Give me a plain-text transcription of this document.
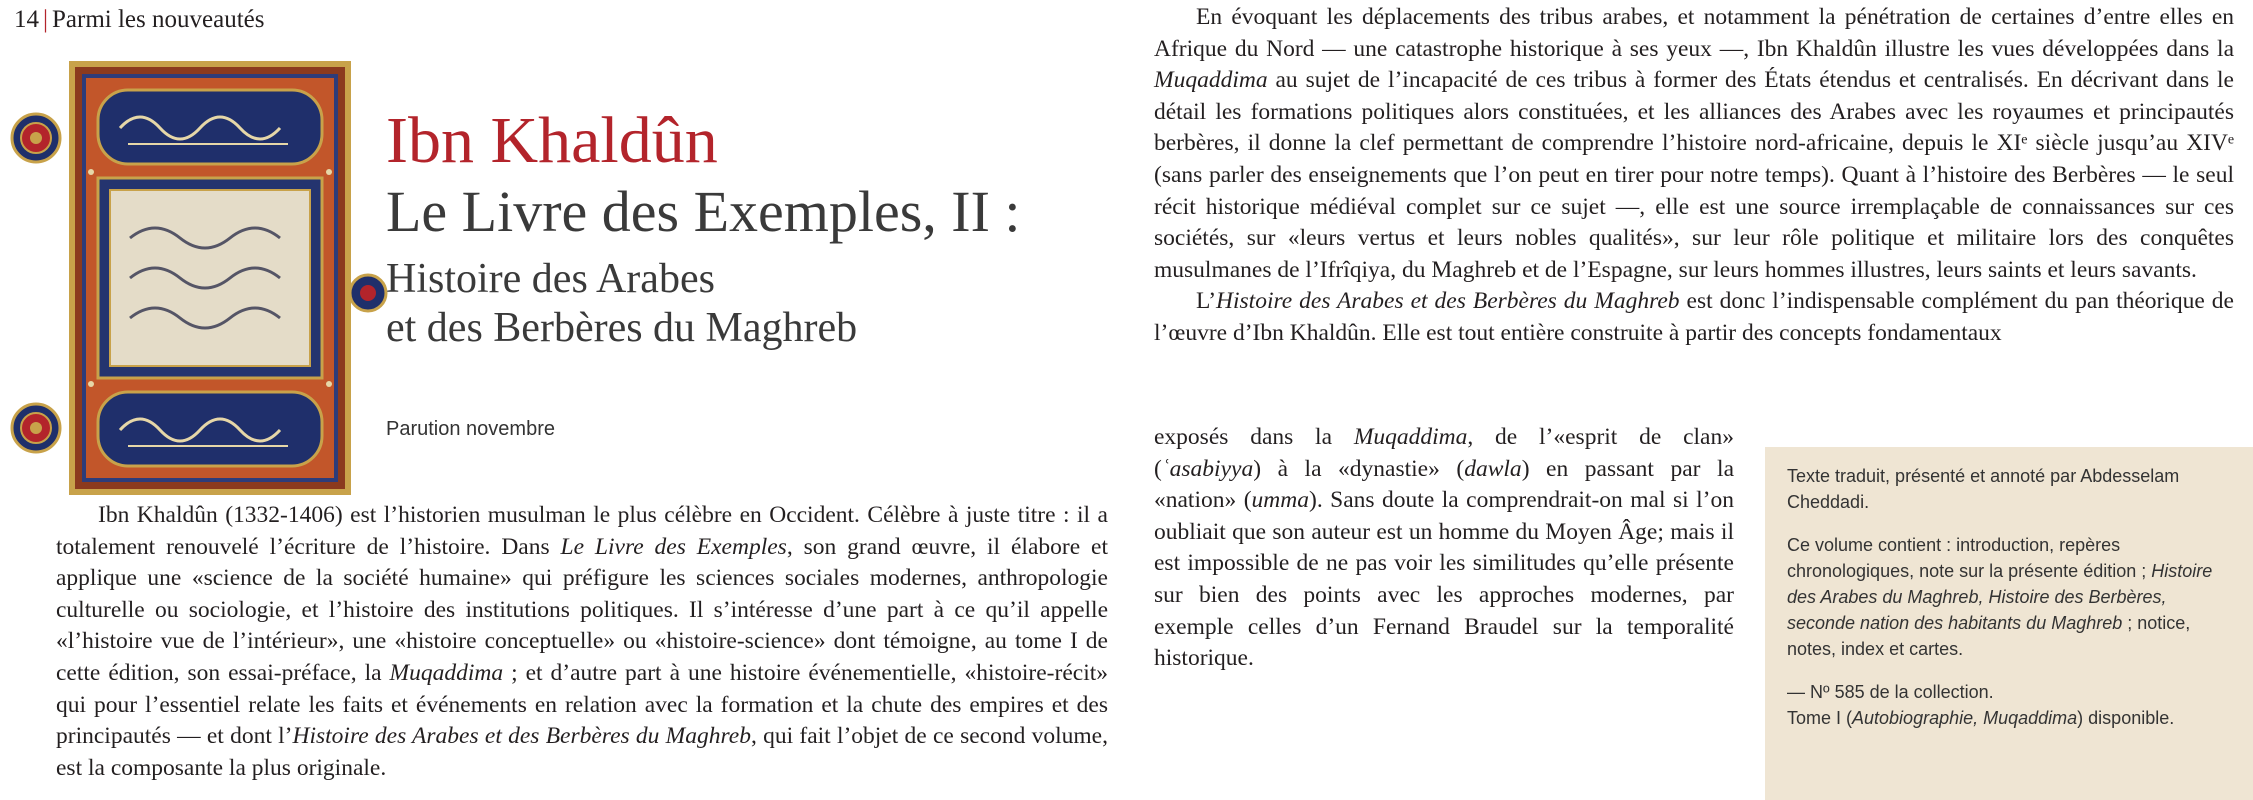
14 | Parmi les nouveautés
Ibn Khaldûn
Le Livre des Exemples, II :
Histoire des Arabes
et des Berbères du Maghreb
Parution novembre

Ibn Khaldûn (1332-1406) est l’historien musulman le plus célèbre en Occident. Célèbre à juste titre : il a totalement renouvelé l’écriture de l’histoire. Dans Le Livre des Exemples, son grand œuvre, il élabore et applique une «science de la société humaine» qui préfigure les sciences sociales modernes, anthropologie culturelle ou sociologie, et l’histoire des institutions politiques. Il s’intéresse d’une part à ce qu’il appelle «l’histoire vue de l’intérieur», une «histoire conceptuelle» ou «histoire-science» dont témoigne, au tome I de cette édition, son essai-préface, la Muqaddima ; et d’autre part à une histoire événementielle, «histoire-récit» qui pour l’essentiel relate les faits et événements en relation avec la formation et la chute des empires et des principautés — et dont l’Histoire des Arabes et des Berbères du Maghreb, qui fait l’objet de ce second volume, est la composante la plus originale.

En évoquant les déplacements des tribus arabes, et notamment la pénétration de certaines d’entre elles en Afrique du Nord — une catastrophe historique à ses yeux —, Ibn Khaldûn illustre les vues développées dans la Muqaddima au sujet de l’incapacité de ces tribus à former des États étendus et centralisés. En décrivant dans le détail les formations politiques alors constituées, et les alliances des Arabes avec les royaumes et principautés berbères, il donne la clef permettant de comprendre l’histoire nord-africaine, depuis le XIᵉ siècle jusqu’au XIVᵉ (sans parler des enseignements que l’on peut en tirer pour notre temps). Quant à l’histoire des Berbères — le seul récit historique médiéval complet sur ce sujet —, elle est une source irremplaçable de connaissances sur ces sociétés, sur «leurs vertus et leurs nobles qualités», sur leur rôle politique et militaire lors des conquêtes musulmanes de l’Ifrîqiya, du Maghreb et de l’Espagne, sur leurs hommes illustres, leurs saints et leurs savants.

L’Histoire des Arabes et des Berbères du Maghreb est donc l’indispensable complément du pan théorique de l’œuvre d’Ibn Khaldûn. Elle est tout entière construite à partir des concepts fondamentaux

exposés dans la Muqaddima, de l’«esprit de clan» (ʿasabiyya) à la «dynastie» (dawla) en passant par la «nation» (umma). Sans doute la comprendrait-on mal si l’on oubliait que son auteur est un homme du Moyen Âge; mais il est impossible de ne pas voir les similitudes qu’elle présente sur bien des points avec les approches modernes, par exemple celles d’un Fernand Braudel sur la temporalité historique.

Texte traduit, présenté et annoté par Abdesselam Cheddadi.

Ce volume contient : introduction, repères chronologiques, note sur la présente édition ; Histoire des Arabes du Maghreb, Histoire des Berbères, seconde nation des habitants du Maghreb ; notice, notes, index et cartes.

— Nº 585 de la collection.
Tome I (Autobiographie, Muqaddima) disponible.
